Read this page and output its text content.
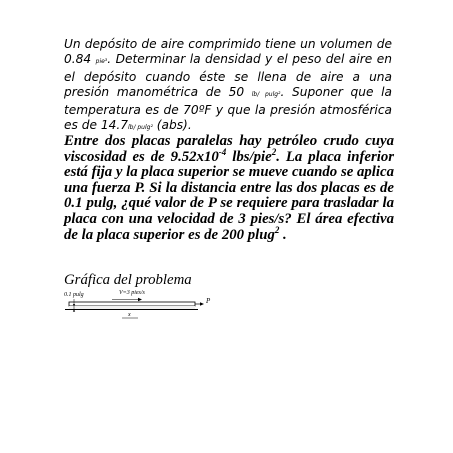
Un depósito de aire comprimido tiene un volumen de 0.84 pie³. Determinar la densidad y el peso del aire en el depósito cuando éste se llena de aire a una presión manométrica de 50 lb/ pulg². Suponer que la temperatura es de 70ºF y que la presión atmosférica es de 14.7lb/ pulg² (abs).

Entre dos placas paralelas hay petróleo crudo cuya viscosidad es de $9.52x10^{-4}$ lbs/pie$^2$. La placa inferior está fija y la placa superior se mueve cuando se aplica una fuerza P. Si la distancia entre las dos placas es de 0.1 pulg, ¿qué valor de P se requiere para trasladar la placa con una velocidad de 3 pies/s? El área efectiva de la placa superior es de 200 plug$^2$ .

Gráfica del problema
0.1 pulg	V=3 pies/s
P
x
